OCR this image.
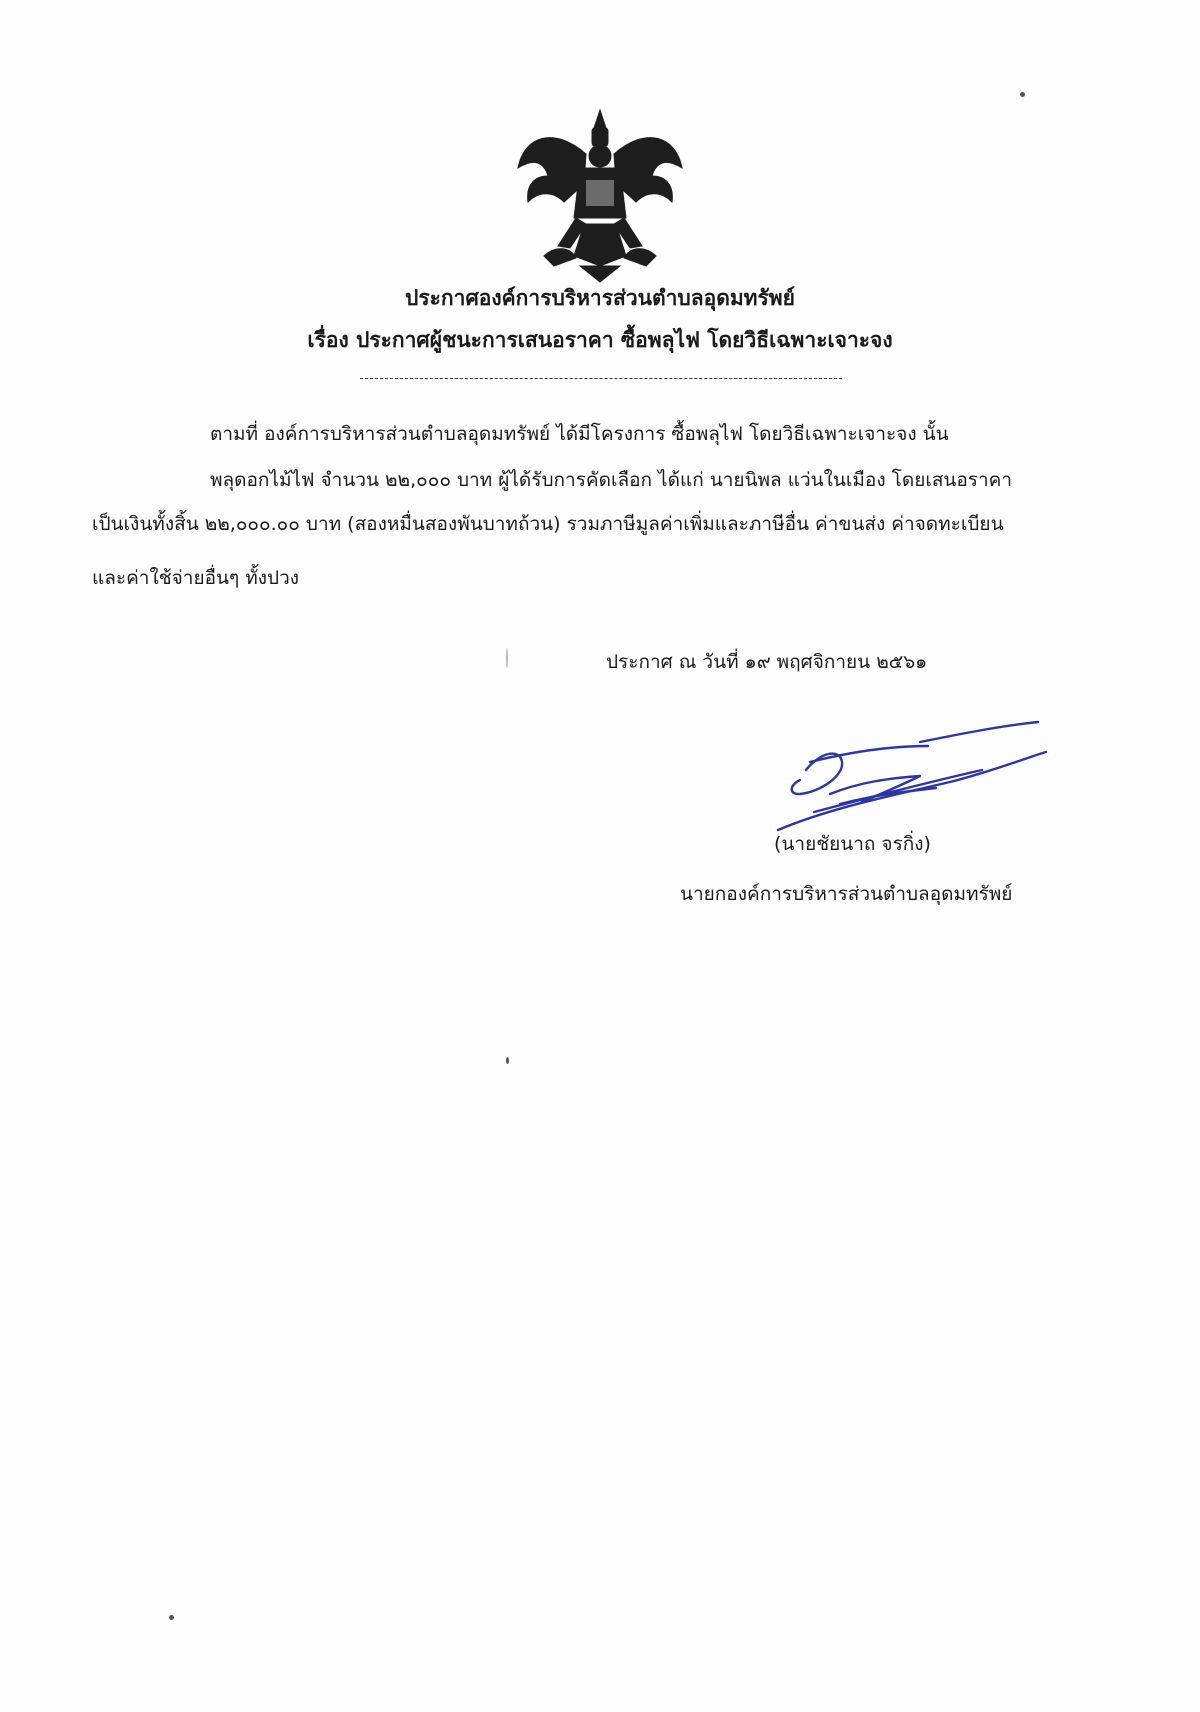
ประกาศองค์การบริหารส่วนตำบลอุดมทรัพย์
เรื่อง ประกาศผู้ชนะการเสนอราคา ซื้อพลุไฟ โดยวิธีเฉพาะเจาะจง
ตามที่ องค์การบริหารส่วนตำบลอุดมทรัพย์ ได้มีโครงการ ซื้อพลุไฟ โดยวิธีเฉพาะเจาะจง นั้น
พลุดอกไม้ไฟ จำนวน ๒๒,๐๐๐ บาท ผู้ได้รับการคัดเลือก ได้แก่ นายนิพล แว่นในเมือง โดยเสนอราคา
เป็นเงินทั้งสิ้น ๒๒,๐๐๐.๐๐ บาท (สองหมื่นสองพันบาทถ้วน) รวมภาษีมูลค่าเพิ่มและภาษีอื่น ค่าขนส่ง ค่าจดทะเบียน
และค่าใช้จ่ายอื่นๆ ทั้งปวง
ประกาศ ณ วันที่ ๑๙ พฤศจิกายน ๒๕๖๑
(นายชัยนาถ จรกิ่ง)
นายกองค์การบริหารส่วนตำบลอุดมทรัพย์
